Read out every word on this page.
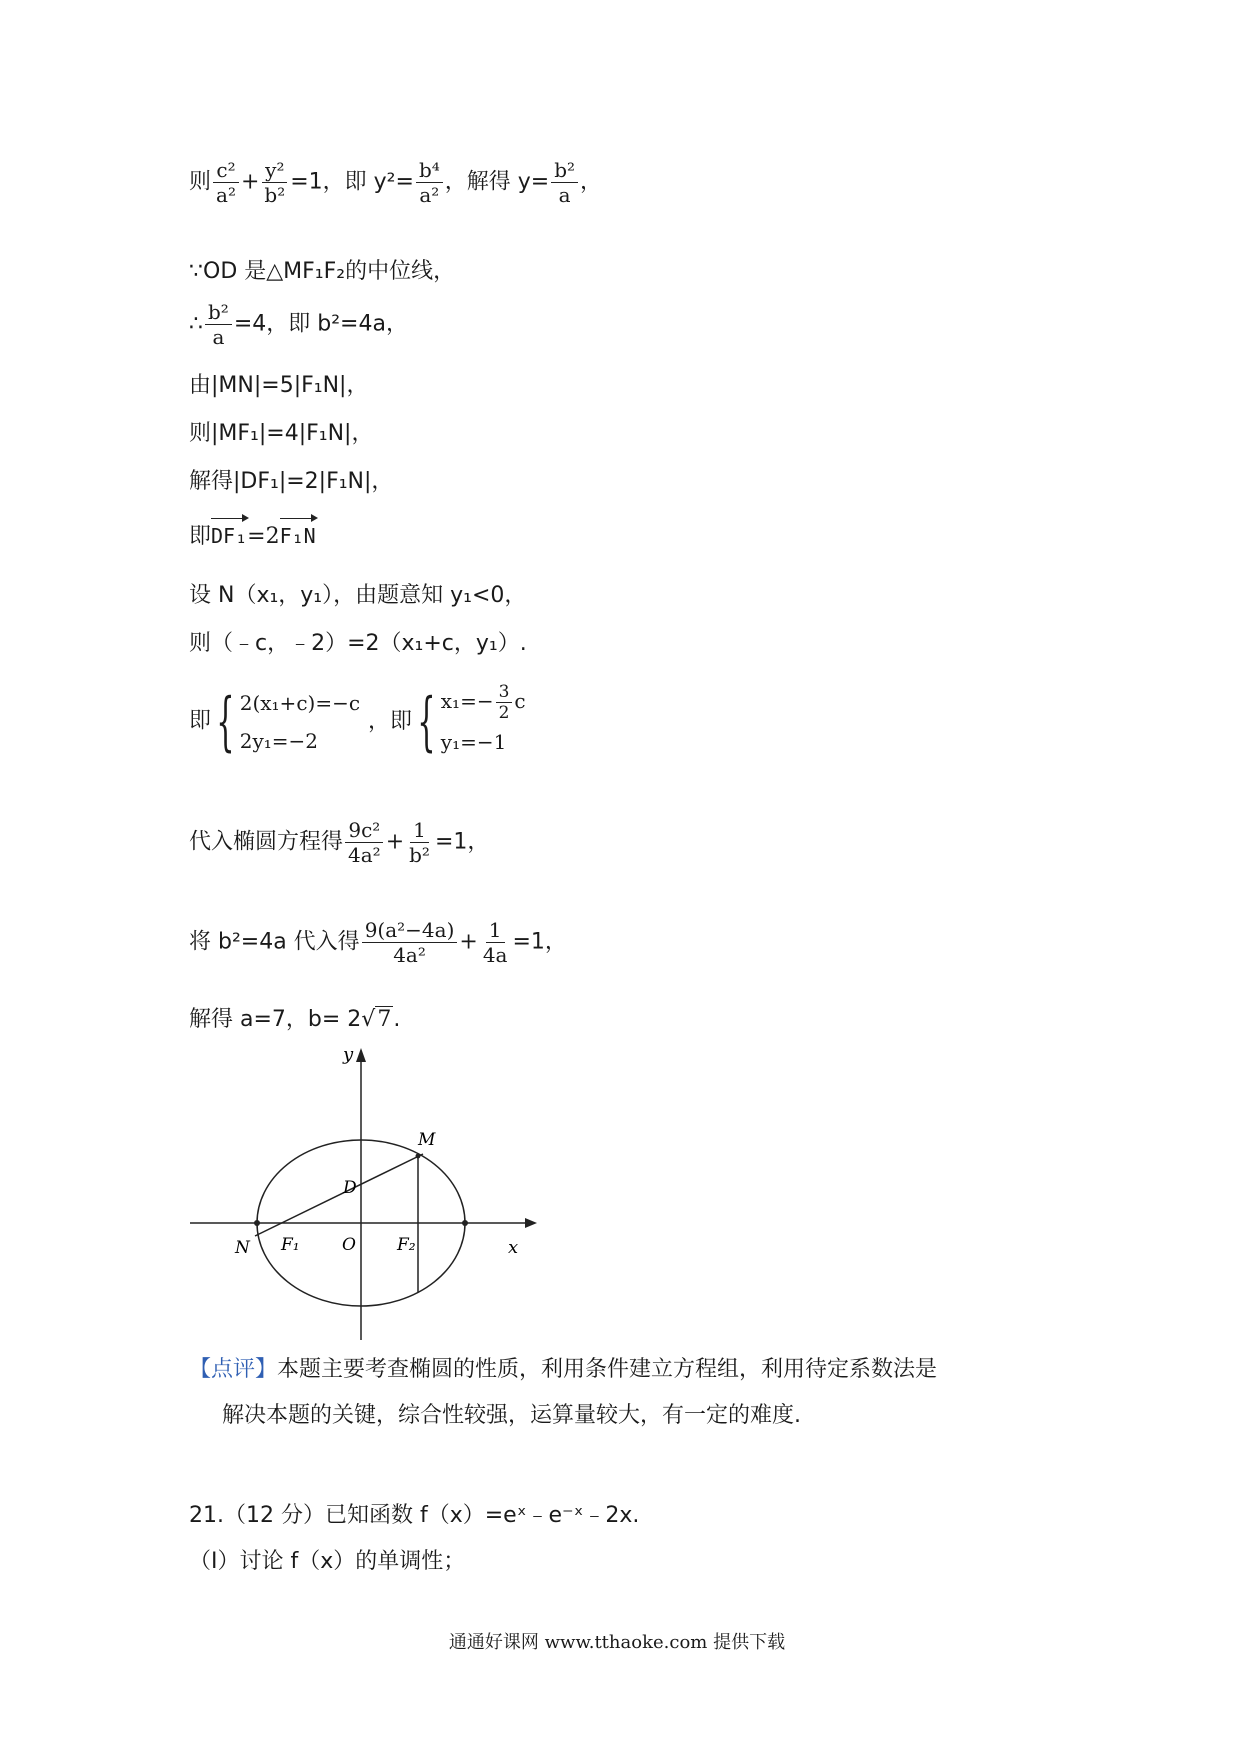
则 $\frac{\text{c²}}{\text{a²}} + \frac{\text{y²}}{\text{b²}} =1$，即 $y^2= \frac{\text{b⁴}}{\text{a²}}$ ，解得 $y= \frac{\text{b²}}{a}$ ，
∵OD 是△MF₁F₂的中位线，
∴ $\frac{\text{b²}}{a} =4$，即 b²=4a，
由|MN|=5|F₁N|，
则|MF₁|=4|F₁N|，
解得|DF₁|=2|F₁N|，
即DF₁=2F₁N
设 N（x₁，y₁），由题意知 y₁<0，
则（﹣c，﹣2）=2（x₁+c，y₁）.
即 { 2(x₁+c)=−c
2y₁=−2
，即 { $x_1=- \frac{3}{2}$ c
y₁=−1
代入椭圆方程得 $\frac{\text{9c²}}{\text{4a²}} + \frac{1}{\text{b²}} =1$，
将 b²=4a 代入得 $\frac{\text{9(a²−4a)}}{\text{4a²}} + \frac{1}{4a} =1$，
解得 a=7，b= 2√7.
y
x
M
D
N F₁ O F₂
【点评】本题主要考查椭圆的性质，利用条件建立方程组，利用待定系数法是
解决本题的关键，综合性较强，运算量较大，有一定的难度.
21.（12 分）已知函数 f（x）=eˣ﹣e⁻ˣ﹣2x.
（Ⅰ）讨论 f（x）的单调性；
通通好课网 www.tthaoke.com 提供下载
